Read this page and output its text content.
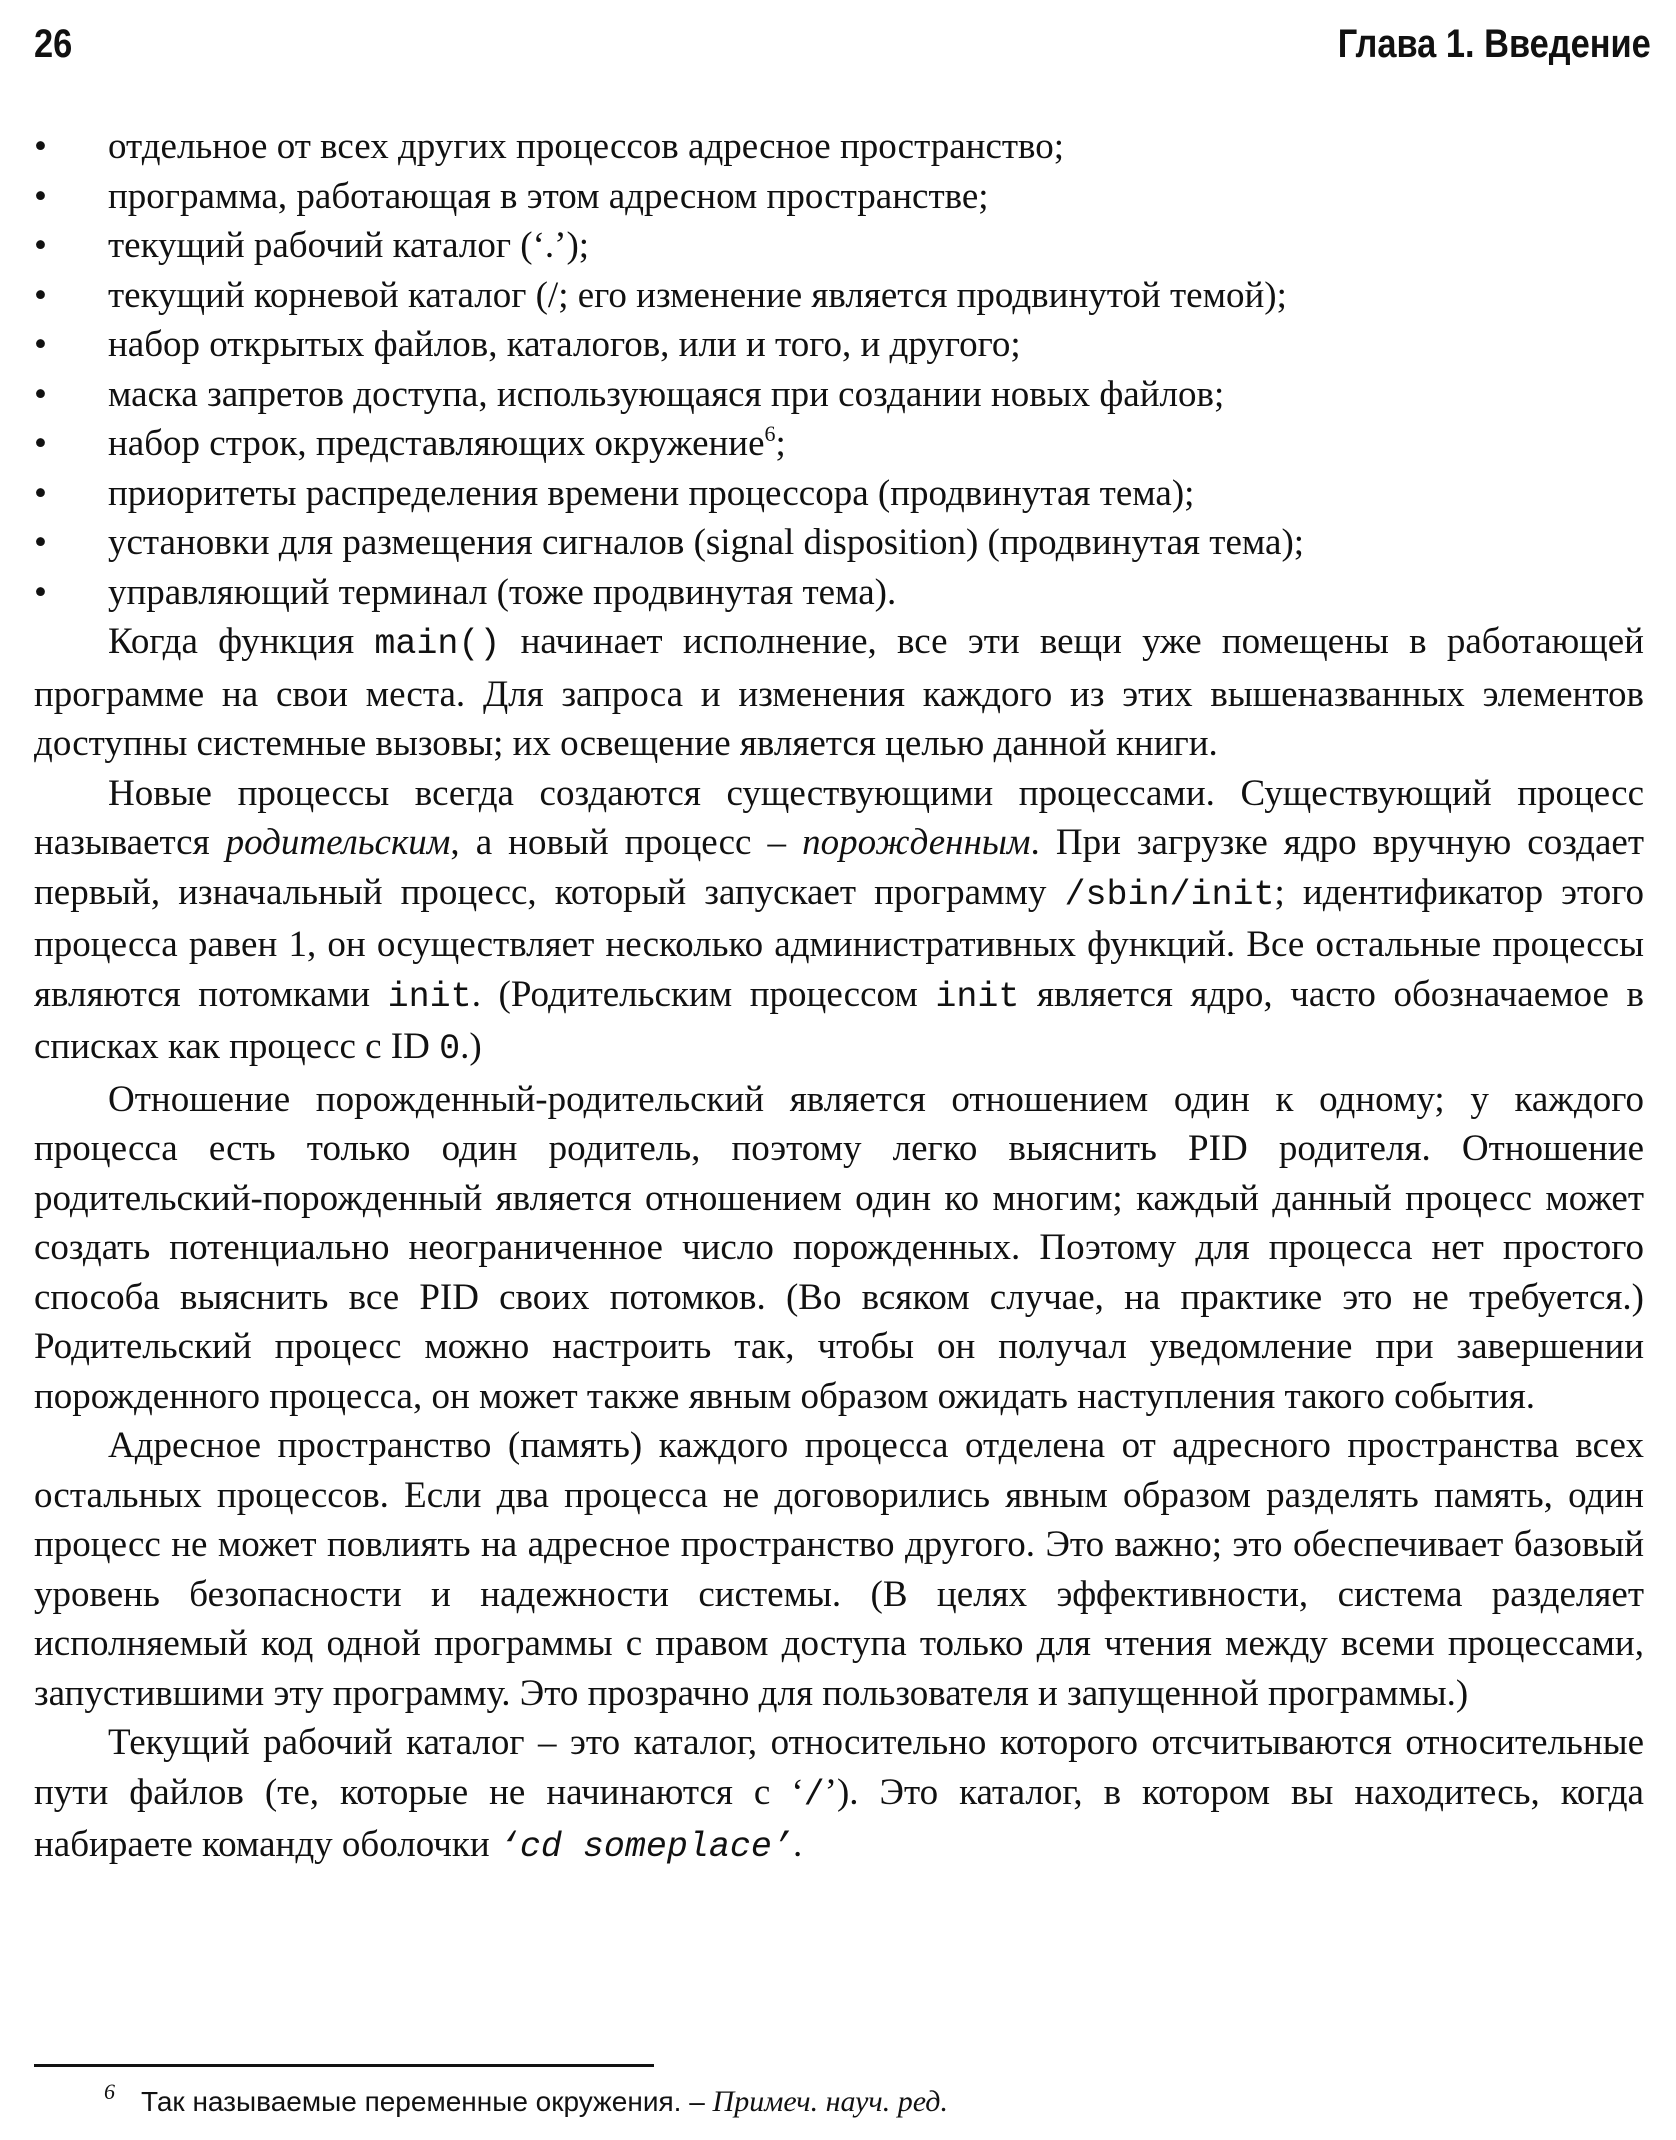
26	Глава 1. Введение
• отдельное от всех других процессов адресное пространство;
• программа, работающая в этом адресном пространстве;
• текущий рабочий каталог (‘.’);
• текущий корневой каталог (/; его изменение является продвинутой темой);
• набор открытых файлов, каталогов, или и того, и другого;
• маска запретов доступа, использующаяся при создании новых файлов;
• набор строк, представляющих окружение$^6$;
• приоритеты распределения времени процессора (продвинутая тема);
• установки для размещения сигналов (signal disposition) (продвинутая тема);
• управляющий терминал (тоже продвинутая тема).

Когда функция main() начинает исполнение, все эти вещи уже помещены в работающей программе на свои места. Для запроса и изменения каждого из этих вышеназванных элементов доступны системные вызовы; их освещение является целью данной книги.

Новые процессы всегда создаются существующими процессами. Существующий процесс называется родительским, а новый процесс – порожденным. При загрузке ядро вручную создает первый, изначальный процесс, который запускает программу /sbin/init; идентификатор этого процесса равен 1, он осуществляет несколько административных функций. Все остальные процессы являются потомками init. (Родительским процессом init является ядро, часто обозначаемое в списках как процесс с ID 0.)

Отношение порожденный-родительский является отношением один к одному; у каждого процесса есть только один родитель, поэтому легко выяснить PID родителя. Отношение родительский-порожденный является отношением один ко многим; каждый данный процесс может создать потенциально неограниченное число порожденных. Поэтому для процесса нет простого способа выяснить все PID своих потомков. (Во всяком случае, на практике это не требуется.) Родительский процесс можно настроить так, чтобы он получал уведомление при завершении порожденного процесса, он может также явным образом ожидать наступления такого события.

Адресное пространство (память) каждого процесса отделена от адресного пространства всех остальных процессов. Если два процесса не договорились явным образом разделять память, один процесс не может повлиять на адресное пространство другого. Это важно; это обеспечивает базовый уровень безопасности и надежности системы. (В целях эффективности, система разделяет исполняемый код одной программы с правом доступа только для чтения между всеми процессами, запустившими эту программу. Это прозрачно для пользователя и запущенной программы.)

Текущий рабочий каталог – это каталог, относительно которого отсчитываются относительные пути файлов (те, которые не начинаются с ‘/’). Это каталог, в котором вы находитесь, когда набираете команду оболочки ‘cd someplace’.

$^6$ Так называемые переменные окружения. – Примеч. науч. ред.
